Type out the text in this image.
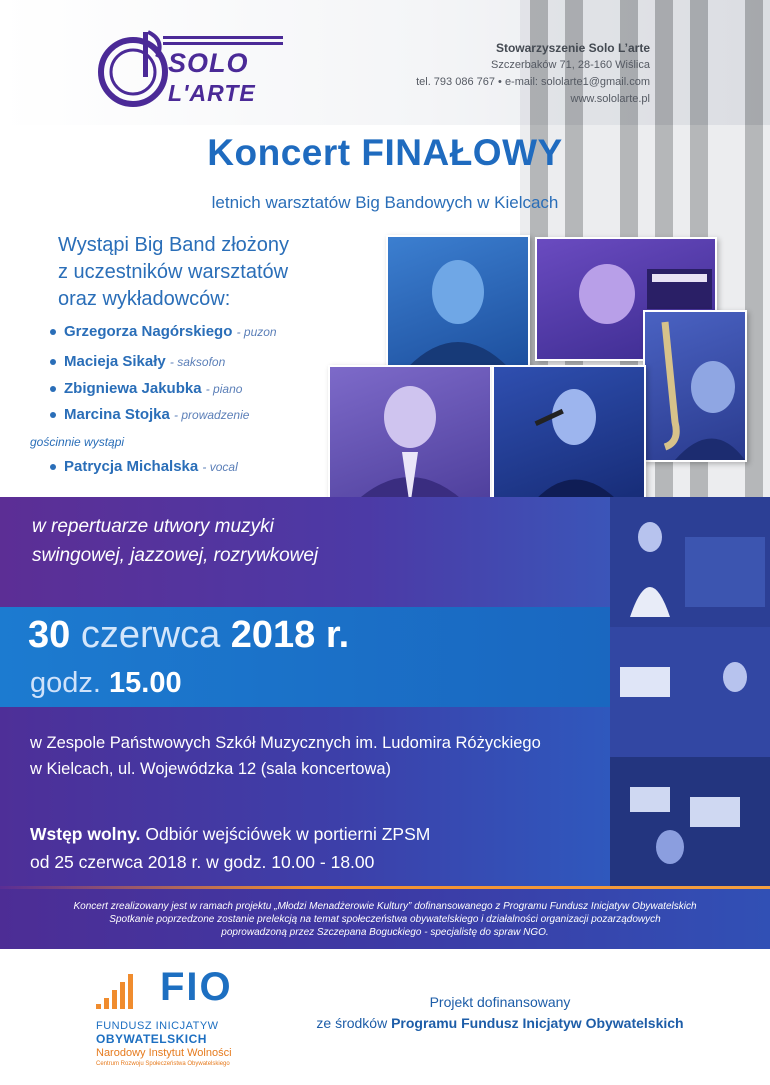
SOLO
L'ARTE
Stowarzyszenie Solo L’arte
Szczerbaków 71, 28-160 Wiślica
tel. 793 086 767 • e-mail: sololarte1@gmail.com
www.sololarte.pl
Koncert FINAŁOWY
letnich warsztatów Big Bandowych w Kielcach
Wystąpi Big Band złożony
z uczestników warsztatów
oraz wykładowców:
Grzegorza Nagórskiego - puzon
Macieja Sikały - saksofon
Zbigniewa Jakubka - piano
Marcina Stojka - prowadzenie
gościnnie wystąpi
Patrycja Michalska - vocal
w repertuarze utwory muzyki
swingowej, jazzowej, rozrywkowej
30 czerwca 2018 r.
godz. 15.00
w Zespole Państwowych Szkół Muzycznych im. Ludomira Różyckiego
w Kielcach, ul. Wojewódzka 12 (sala koncertowa)
Wstęp wolny. Odbiór wejściówek w portierni ZPSM
od 25 czerwca 2018 r. w godz. 10.00 - 18.00
Koncert zrealizowany jest w ramach projektu „Młodzi Menadżerowie Kultury” dofinansowanego z Programu Fundusz Inicjatyw Obywatelskich
Spotkanie poprzedzone zostanie prelekcją na temat społeczeństwa obywatelskiego i działalności organizacji pozarządowych
poprowadzoną przez Szczepana Boguckiego - specjalistę do spraw NGO.
FIO
FUNDUSZ INICJATYW
OBYWATELSKICH
Narodowy Instytut Wolności
Centrum Rozwoju Społeczeństwa Obywatelskiego
Projekt dofinansowany
ze środków Programu Fundusz Inicjatyw Obywatelskich
